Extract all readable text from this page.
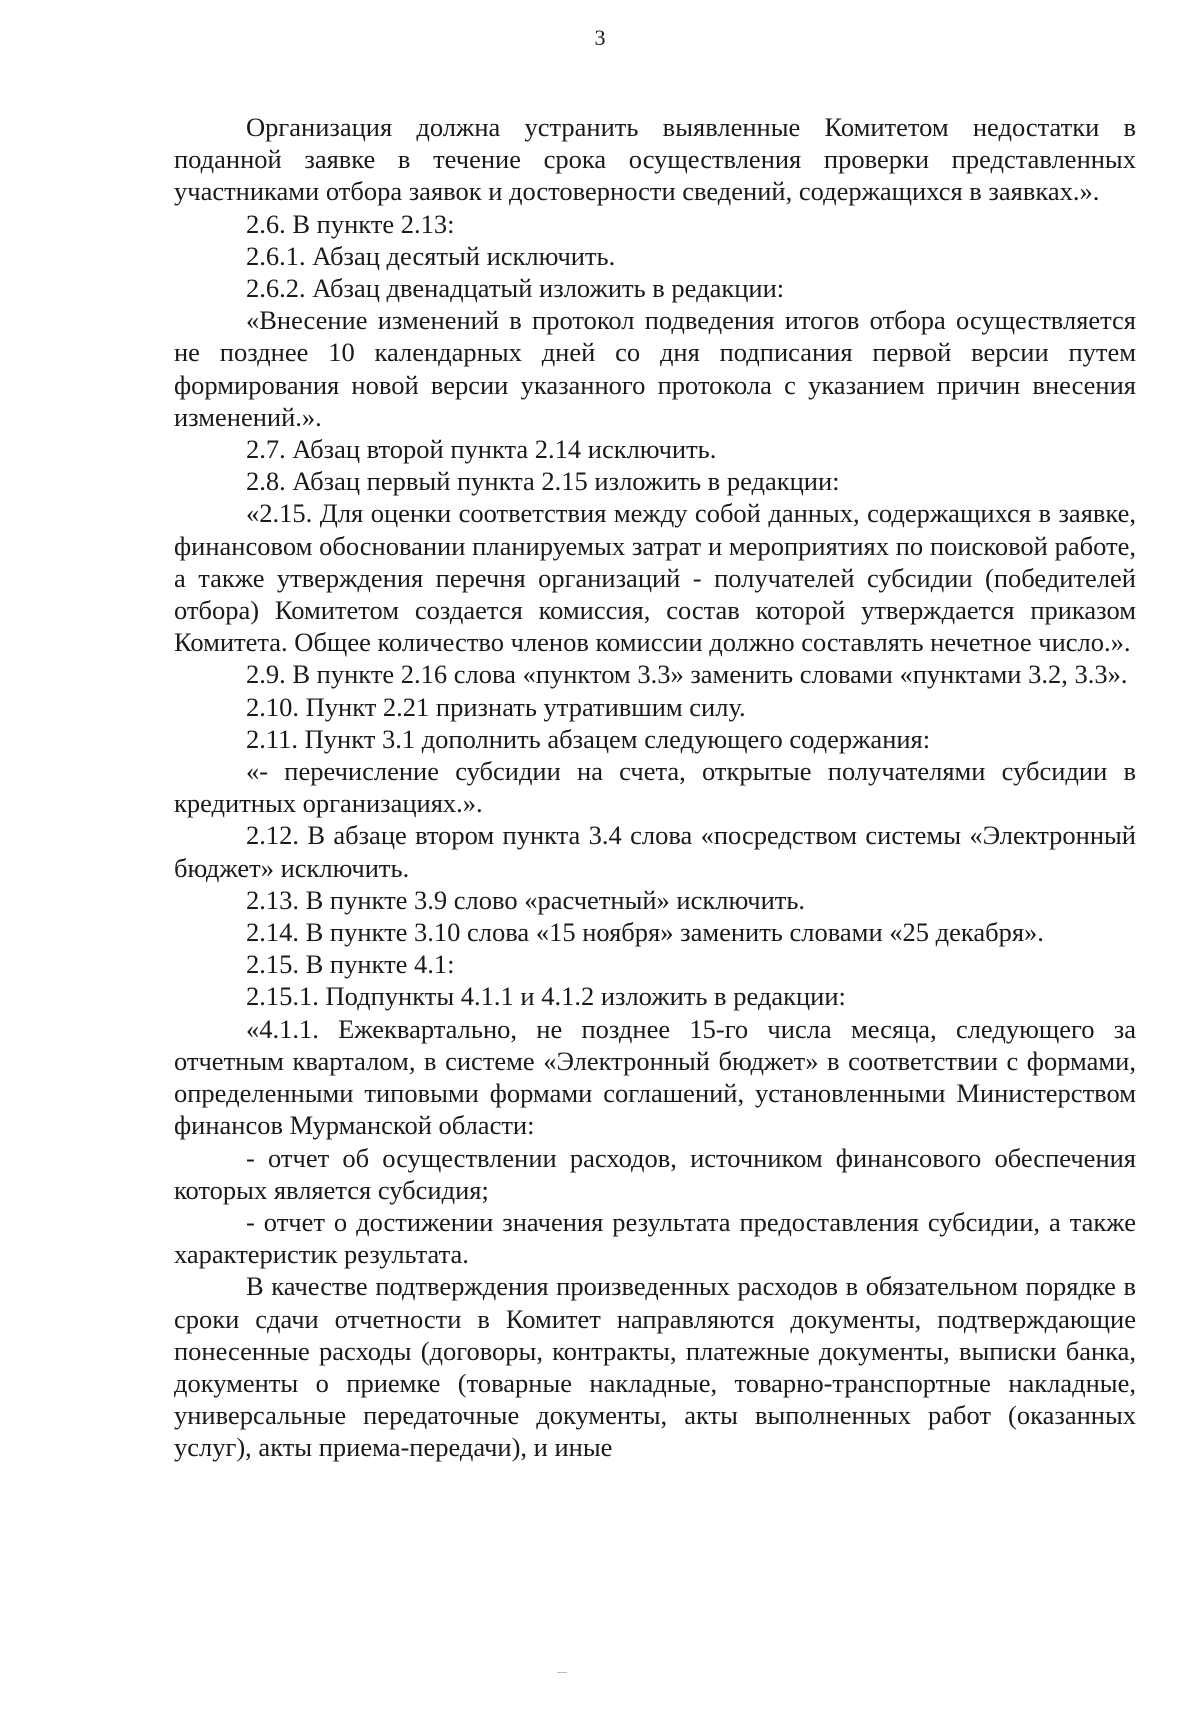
3

Организация должна устранить выявленные Комитетом недостатки в поданной заявке в течение срока осуществления проверки представленных участниками отбора заявок и достоверности сведений, содержащихся в заявках.».

2.6. В пункте 2.13:

2.6.1. Абзац десятый исключить.

2.6.2. Абзац двенадцатый изложить в редакции:

«Внесение изменений в протокол подведения итогов отбора осуществляется не позднее 10 календарных дней со дня подписания первой версии путем формирования новой версии указанного протокола с указанием причин внесения изменений.».

2.7. Абзац второй пункта 2.14 исключить.

2.8. Абзац первый пункта 2.15 изложить в редакции:

«2.15. Для оценки соответствия между собой данных, содержащихся в заявке, финансовом обосновании планируемых затрат и мероприятиях по поисковой работе, а также утверждения перечня организаций - получателей субсидии (победителей отбора) Комитетом создается комиссия, состав которой утверждается приказом Комитета. Общее количество членов комиссии должно составлять нечетное число.».

2.9. В пункте 2.16 слова «пунктом 3.3» заменить словами «пунктами 3.2, 3.3».

2.10. Пункт 2.21 признать утратившим силу.

2.11. Пункт 3.1 дополнить абзацем следующего содержания:

«- перечисление субсидии на счета, открытые получателями субсидии в кредитных организациях.».

2.12. В абзаце втором пункта 3.4 слова «посредством системы «Электронный бюджет» исключить.

2.13. В пункте 3.9 слово «расчетный» исключить.

2.14. В пункте 3.10 слова «15 ноября» заменить словами «25 декабря».

2.15. В пункте 4.1:

2.15.1. Подпункты 4.1.1 и 4.1.2 изложить в редакции:

«4.1.1. Ежеквартально, не позднее 15-го числа месяца, следующего за отчетным кварталом, в системе «Электронный бюджет» в соответствии с формами, определенными типовыми формами соглашений, установленными Министерством финансов Мурманской области:

- отчет об осуществлении расходов, источником финансового обеспечения которых является субсидия;

- отчет о достижении значения результата предоставления субсидии, а также характеристик результата.

В качестве подтверждения произведенных расходов в обязательном порядке в сроки сдачи отчетности в Комитет направляются документы, подтверждающие понесенные расходы (договоры, контракты, платежные документы, выписки банка, документы о приемке (товарные накладные, товарно-транспортные накладные, универсальные передаточные документы, акты выполненных работ (оказанных услуг), акты приема-передачи), и иные
